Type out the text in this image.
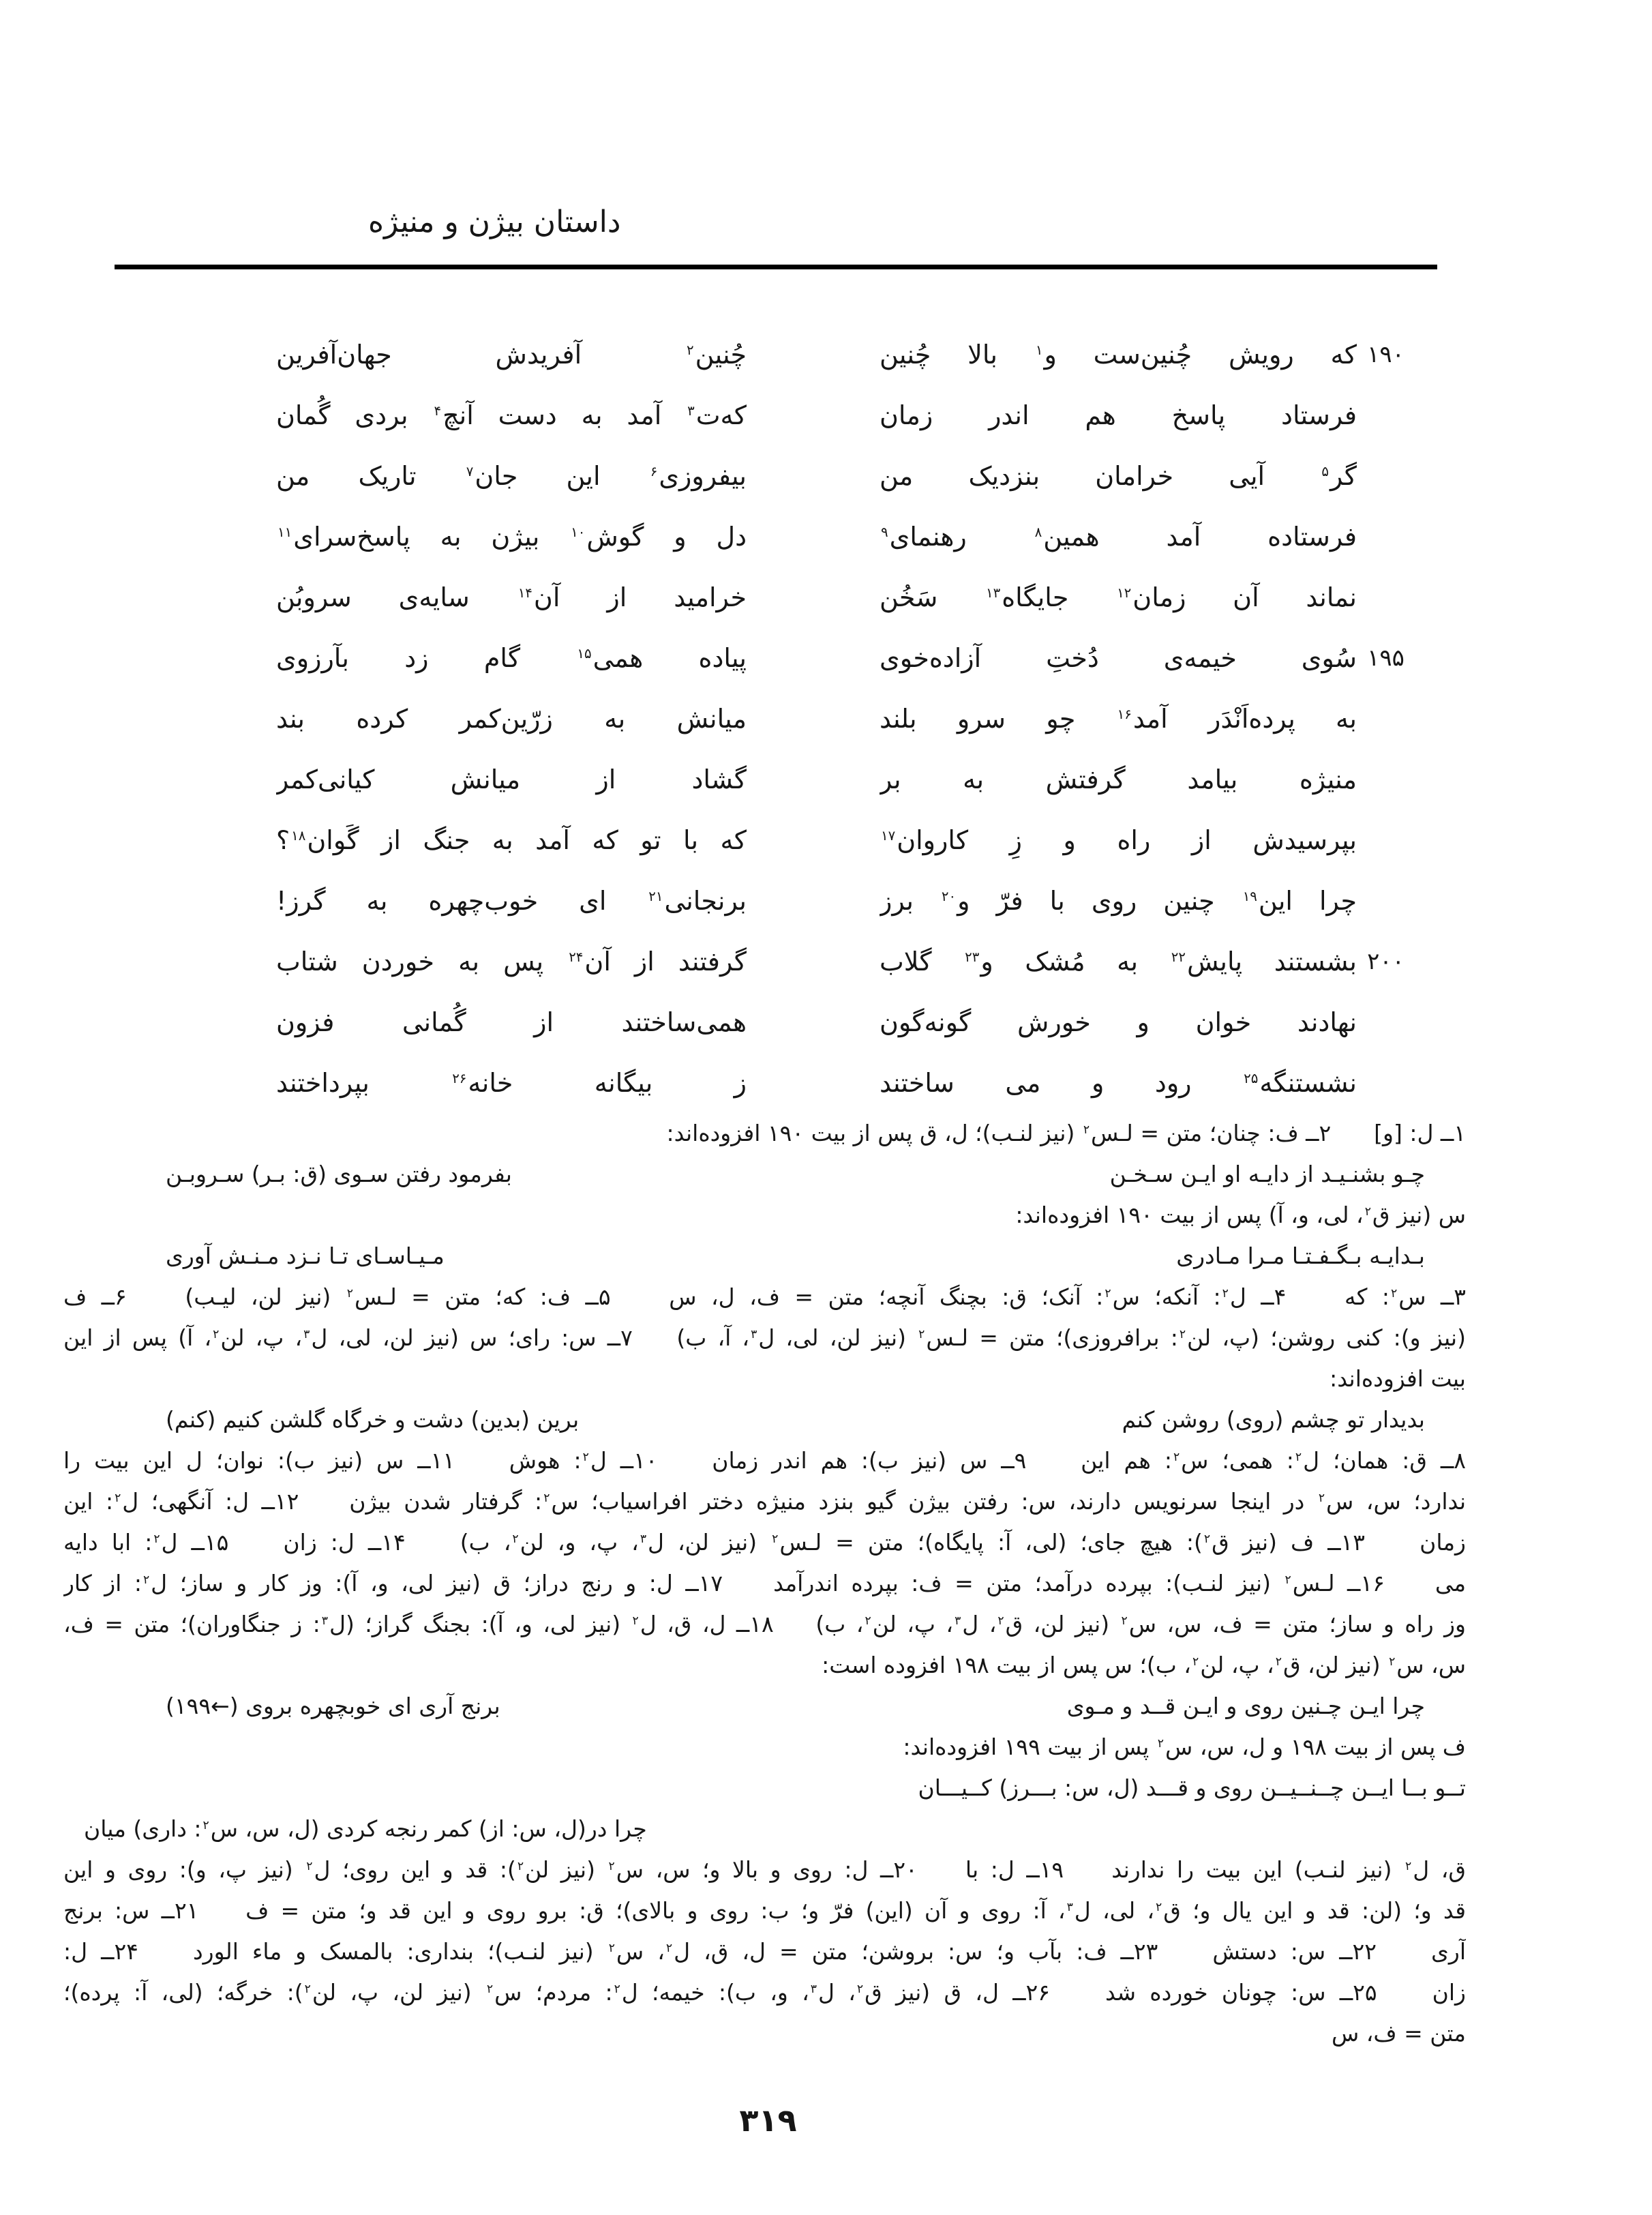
داستان بیژن و منیژه
۱۹۰
که رویش چُنین‌ست و$^۱$ بالا چُنین
چُنین$^۲$ آفریدش جهان‌آفرین
فرستاد پاسخ هم اندر زمان
که‌ت$^۳$ آمد به دست آنچ$^۴$ بردی گُمان
گر$^۵$ آیی خرامان بنزدیک من
بیفروزی$^۶$ این جان$^۷$ تاریک من
فرستاده آمد همین$^۸$ رهنمای$^۹$
دل و گوش$^{۱۰}$ بیژن به پاسخ‌سرای$^{۱۱}$
نماند آن زمان$^{۱۲}$ جایگاه$^{۱۳}$ سَخُن
خرامید از آن$^{۱۴}$ سایه‌ی سروبُن
۱۹۵
سُوی خیمه‌ی دُختِ آزاده‌خوی
پیاده همی$^{۱۵}$ گام زد بآرزوی
به پرده‌اَنْدَر آمد$^{۱۶}$ چو سرو بلند
میانش به زرّین‌کمر کرده بند
منیژه بیامد گرفتش به بر
گشاد از میانش کیانی‌کمر
بپرسیدش از راه و زِ کاروان$^{۱۷}$
که با تو که آمد به جنگ از گَوان$^{۱۸}$؟
چرا این$^{۱۹}$ چنین روی با فرّ و$^{۲۰}$ برز
برنجانی$^{۲۱}$ ای خوب‌چهره به گرز!
۲۰۰
بشستند پایش$^{۲۲}$ به مُشک و$^{۲۳}$ گلاب
گرفتند از آن$^{۲۴}$ پس به خوردن شتاب
نهادند خوان و خورش گونه‌گون
همی‌ساختند از گُمانی فزون
نشستنگه$^{۲۵}$ رود و می ساختند
ز بیگانه خانه$^{۲۶}$ بپرداختند
۱ــ ل: [و]      ۲ــ ف: چنان؛ متن = لـس$^۲$ (نیز لنـب)؛ ل، ق پس از بیت ۱۹۰ افزوده‌اند:
چـو بشنـیـد از دایـه او ایـن سـخـن
بفرمود رفتن سـوی (ق: بـر) سـروبـن
س (نیز ق$^۲$، لی، و، آ) پس از بیت ۱۹۰ افزوده‌اند:
بـدایـه بـگـفـتـا مـرا مـادری
مـیـاسـای تـا نـزد مـنـش آوری
۳ــ س$^۲$: که    ۴ــ ل$^۲$: آنکه؛ س$^۲$: آنک؛ ق: بچنگ آنچه؛ متن = ف، ل، س    ۵ــ ف: که؛ متن = لـس$^۲$ (نیز لن، لیـب)    ۶ــ ف
(نیز و): کنی روشن؛ (پ، لن$^۲$: برافروزی)؛ متن = لـس$^۲$ (نیز لن، لی، ل$^۳$، آ، ب)    ۷ــ س: رای؛ س (نیز لن، لی، ل$^۳$، پ، لن$^۲$، آ) پس از این
بیت افزوده‌اند:
بدیدار تو چشم (روی) روشن کنم
برین (بدین) دشت و خرگاه گلشن کنیم (کنم)
۸ــ ق: همان؛ ل$^۲$: همی؛ س$^۲$: هم این    ۹ــ س (نیز ب): هم اندر زمان    ۱۰ــ ل$^۲$: هوش    ۱۱ــ س (نیز ب): نوان؛ ل این بیت را
ندارد؛ س، س$^۲$ در اینجا سرنویس دارند، س: رفتن بیژن گیو بنزد منیژه دختر افراسیاب؛ س$^۲$: گرفتار شدن بیژن    ۱۲ــ ل: آنگهی؛ ل$^۲$: این
زمان    ۱۳ــ ف (نیز ق$^۲$): هیچ جای؛ (لی، آ: پایگاه)؛ متن = لـس$^۲$ (نیز لن، ل$^۳$، پ، و، لن$^۲$، ب)    ۱۴ــ ل: زان    ۱۵ــ ل$^۲$: ابا دایه
می    ۱۶ــ لـس$^۲$ (نیز لنـب): بپرده درآمد؛ متن = ف: بپرده اندرآمد    ۱۷ــ ل: و رنج دراز؛ ق (نیز لی، و، آ): وز کار و ساز؛ ل$^۲$: از کار
وز راه و ساز؛ متن = ف، س، س$^۲$ (نیز لن، ق$^۲$، ل$^۳$، پ، لن$^۲$، ب)    ۱۸ــ ل، ق، ل$^۲$ (نیز لی، و، آ): بجنگ گراز؛ (ل$^۳$: ز جنگاوران)؛ متن = ف،
س، س$^۲$ (نیز لن، ق$^۲$، پ، لن$^۲$، ب)؛ س پس از بیت ۱۹۸ افزوده است:
چرا ایـن چـنین روی و ایـن قــد و مـوی
برنج آری ای خوبچهره بروی (←۱۹۹)
ف پس از بیت ۱۹۸ و ل، س، س$^۲$ پس از بیت ۱۹۹ افزوده‌اند:
تــو بــا ایــن چــنــیــن روی و قـــد (ل، س: بـــرز) کــیـــان
چرا در(ل، س: از) کمر رنجه کردی (ل، س، س$^۲$: داری) میان
ق، ل$^۲$ (نیز لنـب) این بیت را ندارند    ۱۹ــ ل: با    ۲۰ــ ل: روی و بالا و؛ س، س$^۲$ (نیز لن$^۲$): قد و این روی؛ ل$^۲$ (نیز پ، و): روی و این
قد و؛ (لن: قد و این یال و؛ ق$^۲$، لی، ل$^۳$، آ: روی و آن (این) فرّ و؛ ب: روی و بالای)؛ ق: برو روی و این قد و؛ متن = ف    ۲۱ــ س: برنج
آری    ۲۲ــ س: دستش    ۲۳ــ ف: بآب و؛ س: بروشن؛ متن = ل، ق، ل$^۲$، س$^۲$ (نیز لنـب)؛ بنداری: بالمسک و ماء الورد    ۲۴ــ ل:
زان    ۲۵ــ س: چونان خورده شد    ۲۶ــ ل، ق (نیز ق$^۲$، ل$^۳$، و، ب): خیمه؛ ل$^۲$: مردم؛ س$^۲$ (نیز لن، پ، لن$^۲$): خرگه؛ (لی، آ: پرده)؛
متن = ف، س
۳۱۹
